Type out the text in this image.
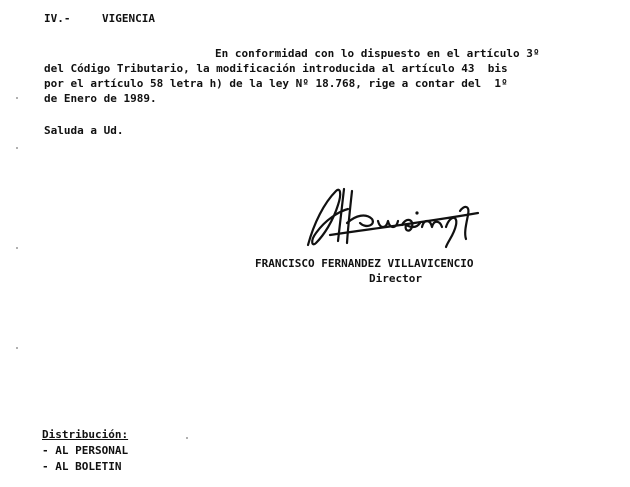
IV.-	VIGENCIA
En conformidad con lo dispuesto en el artículo 3º
del Código Tributario, la modificación introducida al artículo 43  bis
por el artículo 58 letra h) de la ley Nº 18.768, rige a contar del  1º
de Enero de 1989.
Saluda a Ud.
FRANCISCO FERNANDEZ VILLAVICENCIO
Director
Distribución:
- AL PERSONAL
- AL BOLETIN
